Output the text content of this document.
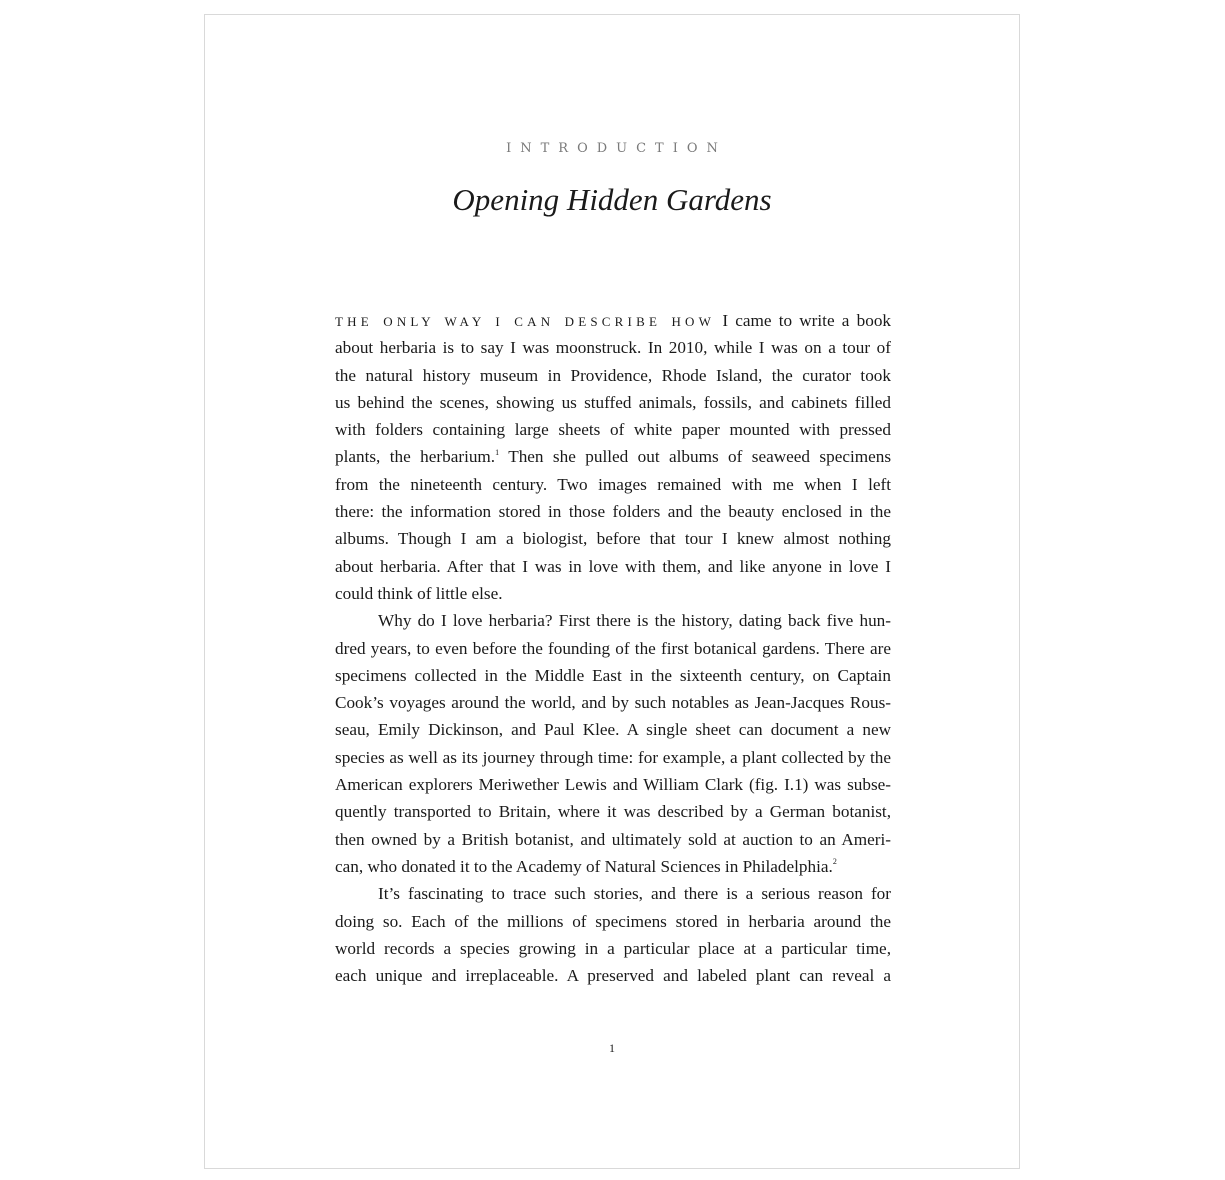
INTRODUCTION
Opening Hidden Gardens
THE ONLY WAY I CAN DESCRIBE HOW I came to write a book
about herbaria is to say I was moonstruck. In 2010, while I was on a tour of
the natural history museum in Providence, Rhode Island, the curator took
us behind the scenes, showing us stuffed animals, fossils, and cabinets filled
with folders containing large sheets of white paper mounted with pressed
plants, the herbarium.$^1$ Then she pulled out albums of seaweed specimens
from the nineteenth century. Two images remained with me when I left
there: the information stored in those folders and the beauty enclosed in the
albums. Though I am a biologist, before that tour I knew almost nothing
about herbaria. After that I was in love with them, and like anyone in love I
could think of little else.
Why do I love herbaria? First there is the history, dating back five hun-
dred years, to even before the founding of the first botanical gardens. There are
specimens collected in the Middle East in the sixteenth century, on Captain
Cook’s voyages around the world, and by such notables as Jean-Jacques Rous-
seau, Emily Dickinson, and Paul Klee. A single sheet can document a new
species as well as its journey through time: for example, a plant collected by the
American explorers Meriwether Lewis and William Clark (fig. I.1) was subse-
quently transported to Britain, where it was described by a German botanist,
then owned by a British botanist, and ultimately sold at auction to an Ameri-
can, who donated it to the Academy of Natural Sciences in Philadelphia.$^2$
It’s fascinating to trace such stories, and there is a serious reason for
doing so. Each of the millions of specimens stored in herbaria around the
world records a species growing in a particular place at a particular time,
each unique and irreplaceable. A preserved and labeled plant can reveal a
1
